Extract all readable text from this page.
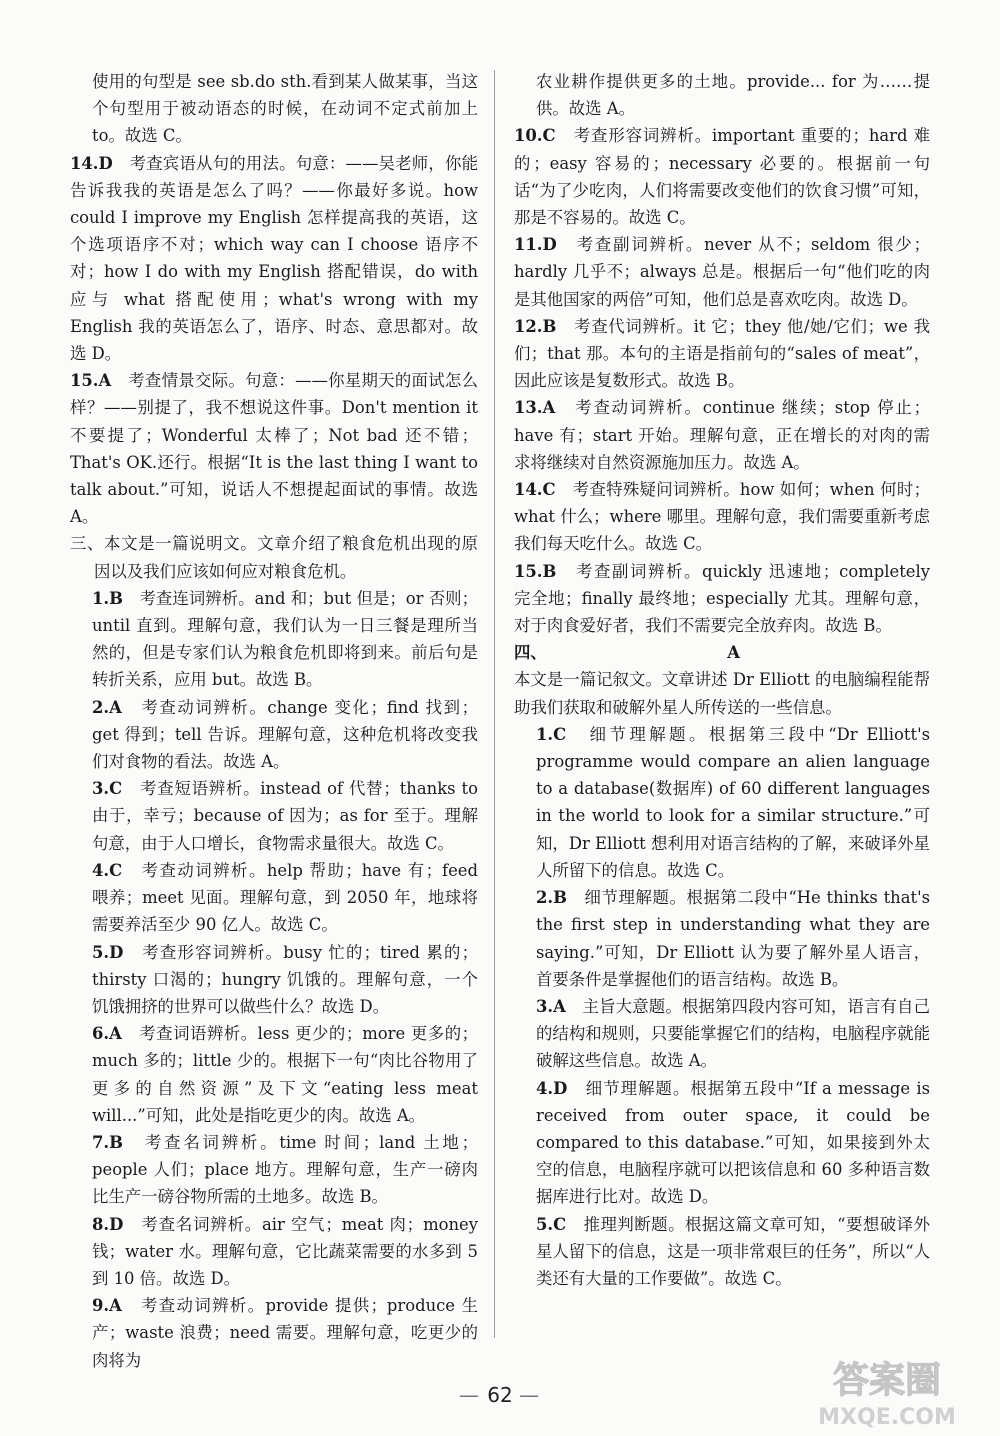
使用的句型是 see sb.do sth.看到某人做某事，当这个句型用于被动语态的时候，在动词不定式前加上 to。故选 C。

14.D　 考查宾语从句的用法。句意：——吴老师，你能告诉我我的英语是怎么了吗？——你最好多说。how could I improve my English 怎样提高我的英语，这个选项语序不对；which way can I choose 语序不对；how I do with my English 搭配错误，do with应与 what 搭配使用；what's wrong with my English 我的英语怎么了，语序、时态、意思都对。故选 D。

15.A　 考查情景交际。句意：——你星期天的面试怎么样？——别提了，我不想说这件事。Don't mention it 不要提了；Wonderful 太棒了；Not bad 还不错；That's OK.还行。根据“It is the last thing I want to talk about.”可知，说话人不想提起面试的事情。故选 A。

三、本文是一篇说明文。文章介绍了粮食危机出现的原因以及我们应该如何应对粮食危机。

1.B　 考查连词辨析。and 和；but 但是；or 否则；until 直到。理解句意，我们认为一日三餐是理所当然的，但是专家们认为粮食危机即将到来。前后句是转折关系，应用 but。故选 B。

2.A　 考查动词辨析。change 变化；find 找到；get 得到；tell 告诉。理解句意，这种危机将改变我们对食物的看法。故选 A。

3.C　 考查短语辨析。instead of 代替；thanks to 由于，幸亏；because of 因为；as for 至于。理解句意，由于人口增长，食物需求量很大。故选 C。

4.C　 考查动词辨析。help 帮助；have 有；feed 喂养；meet 见面。理解句意，到 2050 年，地球将需要养活至少 90 亿人。故选 C。

5.D　 考查形容词辨析。busy 忙的；tired 累的；thirsty 口渴的；hungry 饥饿的。理解句意，一个饥饿拥挤的世界可以做些什么？故选 D。

6.A　 考查词语辨析。less 更少的；more 更多的；much 多的；little 少的。根据下一句“肉比谷物用了更多的自然资源”及下文“eating less meat will...”可知，此处是指吃更少的肉。故选 A。

7.B　 考查名词辨析。time 时间；land 土地；people 人们；place 地方。理解句意，生产一磅肉比生产一磅谷物所需的土地多。故选 B。

8.D　 考查名词辨析。air 空气；meat 肉；money 钱；water 水。理解句意，它比蔬菜需要的水多到 5 到 10 倍。故选 D。

9.A　 考查动词辨析。provide 提供；produce 生产；waste 浪费；need 需要。理解句意，吃更少的肉将为

农业耕作提供更多的土地。provide... for 为……提供。故选 A。

10.C　 考查形容词辨析。important 重要的；hard 难的；easy 容易的；necessary 必要的。根据前一句话“为了少吃肉，人们将需要改变他们的饮食习惯”可知，那是不容易的。故选 C。

11.D　 考查副词辨析。never 从不；seldom 很少；hardly 几乎不；always 总是。根据后一句“他们吃的肉是其他国家的两倍”可知，他们总是喜欢吃肉。故选 D。

12.B　 考查代词辨析。it 它；they 他/她/它们；we 我们；that 那。本句的主语是指前句的“sales of meat”，因此应该是复数形式。故选 B。

13.A　 考查动词辨析。continue 继续；stop 停止；have 有；start 开始。理解句意，正在增长的对肉的需求将继续对自然资源施加压力。故选 A。

14.C　 考查特殊疑问词辨析。how 如何；when 何时；what 什么；where 哪里。理解句意，我们需要重新考虑我们每天吃什么。故选 C。

15.B　 考查副词辨析。quickly 迅速地；completely 完全地；finally 最终地；especially 尤其。理解句意，对于肉食爱好者，我们不需要完全放弃肉。故选 B。

四、	A

本文是一篇记叙文。文章讲述 Dr Elliott 的电脑编程能帮助我们获取和破解外星人所传送的一些信息。

1.C　 细节理解题。根据第三段中“Dr Elliott's programme would compare an alien language to a database(数据库) of 60 different languages in the world to look for a similar structure.”可知，Dr Elliott 想利用对语言结构的了解，来破译外星人所留下的信息。故选 C。

2.B　 细节理解题。根据第二段中“He thinks that's the first step in understanding what they are saying.”可知，Dr Elliott 认为要了解外星人语言，首要条件是掌握他们的语言结构。故选 B。

3.A　 主旨大意题。根据第四段内容可知，语言有自己的结构和规则，只要能掌握它们的结构，电脑程序就能破解这些信息。故选 A。

4.D　 细节理解题。根据第五段中“If a message is received from outer space, it could be compared to this database.”可知，如果接到外太空的信息，电脑程序就可以把该信息和 60 多种语言数据库进行比对。故选 D。

5.C　 推理判断题。根据这篇文章可知，“要想破译外星人留下的信息，这是一项非常艰巨的任务”，所以“人类还有大量的工作要做”。故选 C。

— 62 —	答案圈
MXQE.COM
